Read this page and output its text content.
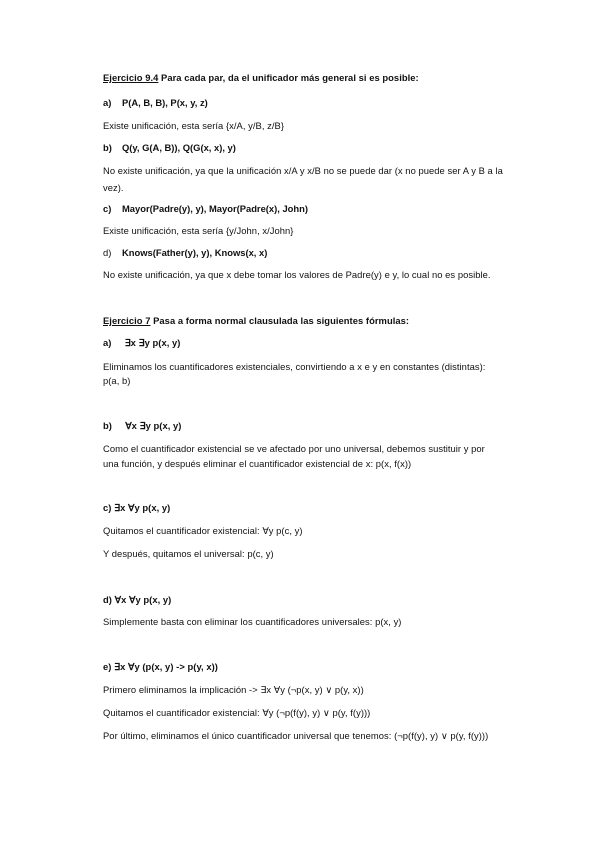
Ejercicio 9.4 Para cada par, da el unificador más general si es posible:
a) P(A, B, B), P(x, y, z)
Existe unificación, esta sería {x/A, y/B, z/B}
b) Q(y, G(A, B)), Q(G(x, x), y)
No existe unificación, ya que la unificación x/A y x/B no se puede dar (x no puede ser A y B a la vez).
c) Mayor(Padre(y), y), Mayor(Padre(x), John)
Existe unificación, esta sería {y/John, x/John}
d) Knows(Father(y), y), Knows(x, x)
No existe unificación, ya que x debe tomar los valores de Padre(y) e y, lo cual no es posible.
Ejercicio 7 Pasa a forma normal clausulada las siguientes fórmulas:
a)     ∃x ∃y p(x, y)
Eliminamos los cuantificadores existenciales, convirtiendo a x e y en constantes (distintas):
p(a, b)
b)     ∀x ∃y p(x, y)
Como el cuantificador existencial se ve afectado por uno universal, debemos sustituir y por
una función, y después eliminar el cuantificador existencial de x: p(x, f(x))
c) ∃x ∀y p(x, y)
Quitamos el cuantificador existencial: ∀y p(c, y)
Y después, quitamos el universal: p(c, y)
d) ∀x ∀y p(x, y)
Simplemente basta con eliminar los cuantificadores universales: p(x, y)
e) ∃x ∀y (p(x, y) -> p(y, x))
Primero eliminamos la implicación -> ∃x ∀y (¬p(x, y) ∨ p(y, x))
Quitamos el cuantificador existencial: ∀y (¬p(f(y), y) ∨ p(y, f(y)))
Por último, eliminamos el único cuantificador universal que tenemos: (¬p(f(y), y) ∨ p(y, f(y)))
